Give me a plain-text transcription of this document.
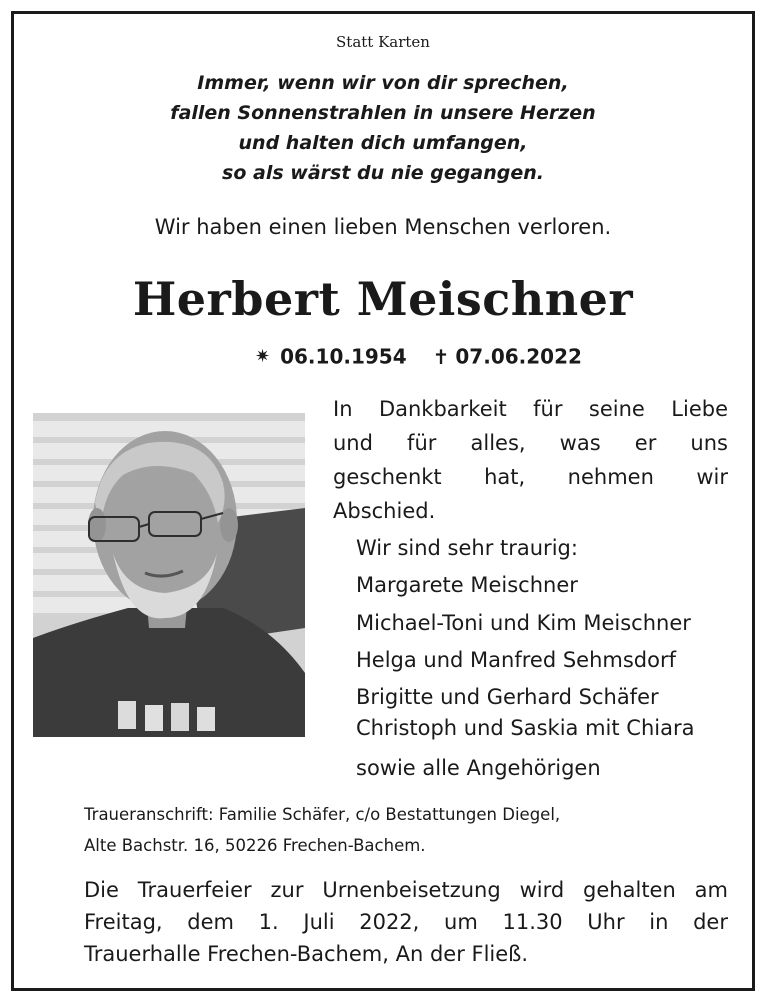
Statt Karten
Immer, wenn wir von dir sprechen,
fallen Sonnenstrahlen in unsere Herzen
und halten dich umfangen,
so als wärst du nie gegangen.
Wir haben einen lieben Menschen verloren.
Herbert Meischner
✷ 06.10.1954 ✝ 07.06.2022
In Dankbarkeit für seine Liebe
und für alles, was er uns
geschenkt hat, nehmen wir
Abschied.
Wir sind sehr traurig:
Margarete Meischner
Michael-Toni und Kim Meischner
Helga und Manfred Sehmsdorf
Brigitte und Gerhard Schäfer
Christoph und Saskia mit Chiara
sowie alle Angehörigen
Traueranschrift: Familie Schäfer, c/o Bestattungen Diegel,
Alte Bachstr. 16, 50226 Frechen-Bachem.
Die Trauerfeier zur Urnenbeisetzung wird gehalten am
Freitag, dem 1. Juli 2022, um 11.30 Uhr in der
Trauerhalle Frechen-Bachem, An der Fließ.
